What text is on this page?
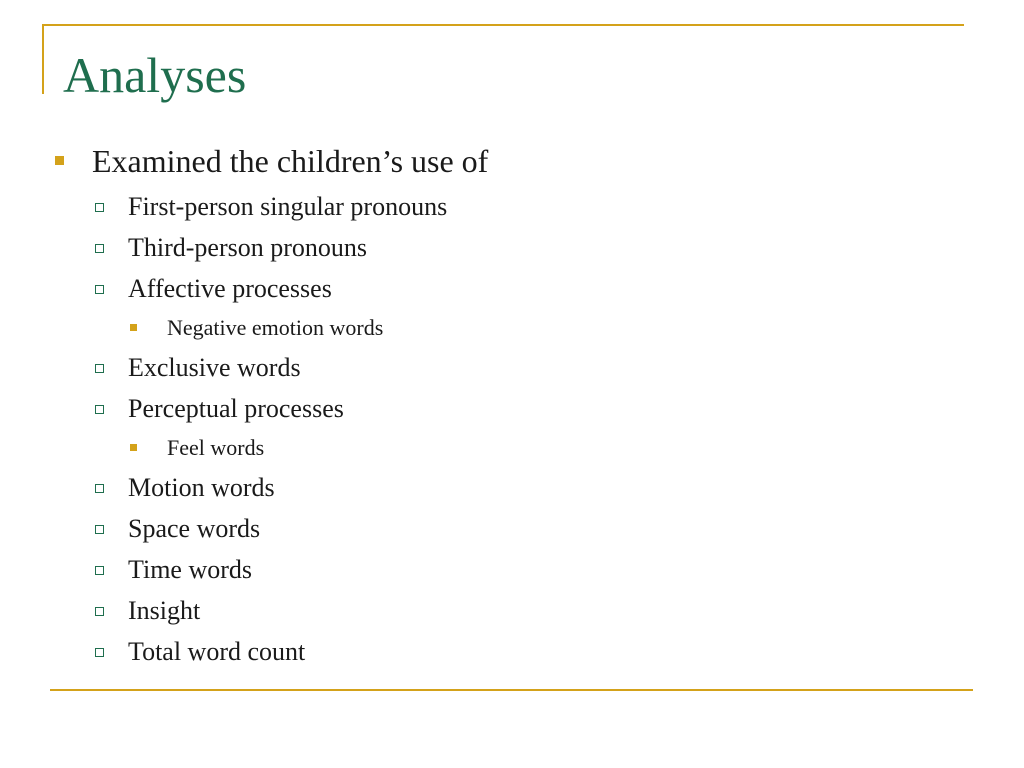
Analyses
Examined the children’s use of
First-person singular pronouns
Third-person pronouns
Affective processes
Negative emotion words
Exclusive words
Perceptual processes
Feel words
Motion words
Space words
Time words
Insight
Total word count
